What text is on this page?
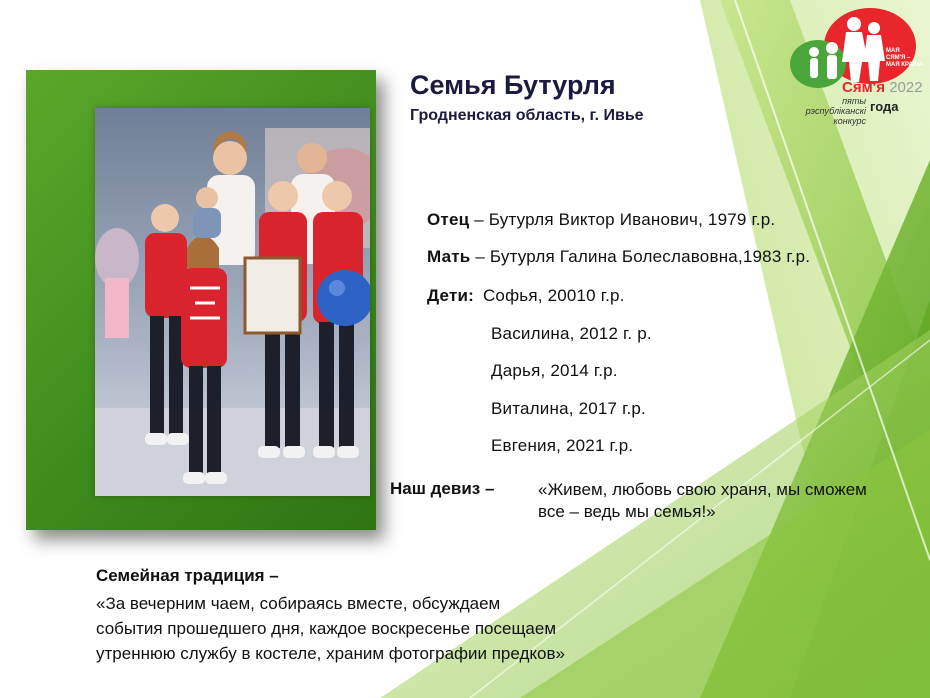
МАЯ
СЯМ'Я –
МАЯ КРАІНА
Сям'я 2022
пяты
рэспубліканскі
конкурс
года
Семья Бутурля
Гродненская область, г. Ивье
Отец – Бутурля Виктор Иванович, 1979 г.р.
Мать – Бутурля Галина Болеславовна,1983 г.р.
Дети: Софья, 20010 г.р.
Василина, 2012 г. р.
Дарья, 2014 г.р.
Виталина, 2017 г.р.
Евгения, 2021 г.р.
Наш девиз –	«Живем, любовь свою храня, мы сможем все – ведь мы семья!»
Семейная традиция –
«За вечерним чаем, собираясь вместе, обсуждаем
события прошедшего дня, каждое воскресенье посещаем
утреннюю службу в костеле, храним фотографии предков»
